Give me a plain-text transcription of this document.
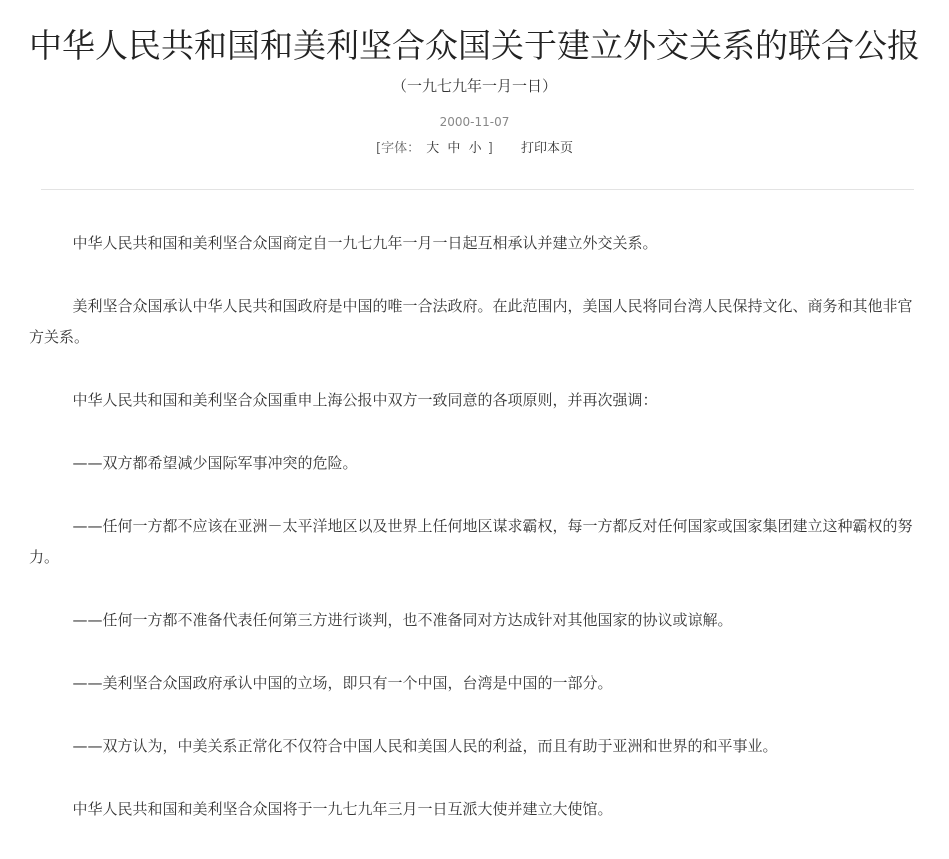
中华人民共和国和美利坚合众国关于建立外交关系的联合公报
（一九七九年一月一日）
2000-11-07
[字体： 大 中 小 ] 打印本页

中华人民共和国和美利坚合众国商定自一九七九年一月一日起互相承认并建立外交关系。

美利坚合众国承认中华人民共和国政府是中国的唯一合法政府。在此范围内，美国人民将同台湾人民保持文化、商务和其他非官方关系。

中华人民共和国和美利坚合众国重申上海公报中双方一致同意的各项原则，并再次强调：

——双方都希望减少国际军事冲突的危险。

——任何一方都不应该在亚洲－太平洋地区以及世界上任何地区谋求霸权，每一方都反对任何国家或国家集团建立这种霸权的努力。

——任何一方都不准备代表任何第三方进行谈判，也不准备同对方达成针对其他国家的协议或谅解。

——美利坚合众国政府承认中国的立场，即只有一个中国，台湾是中国的一部分。

——双方认为，中美关系正常化不仅符合中国人民和美国人民的利益，而且有助于亚洲和世界的和平事业。

中华人民共和国和美利坚合众国将于一九七九年三月一日互派大使并建立大使馆。
